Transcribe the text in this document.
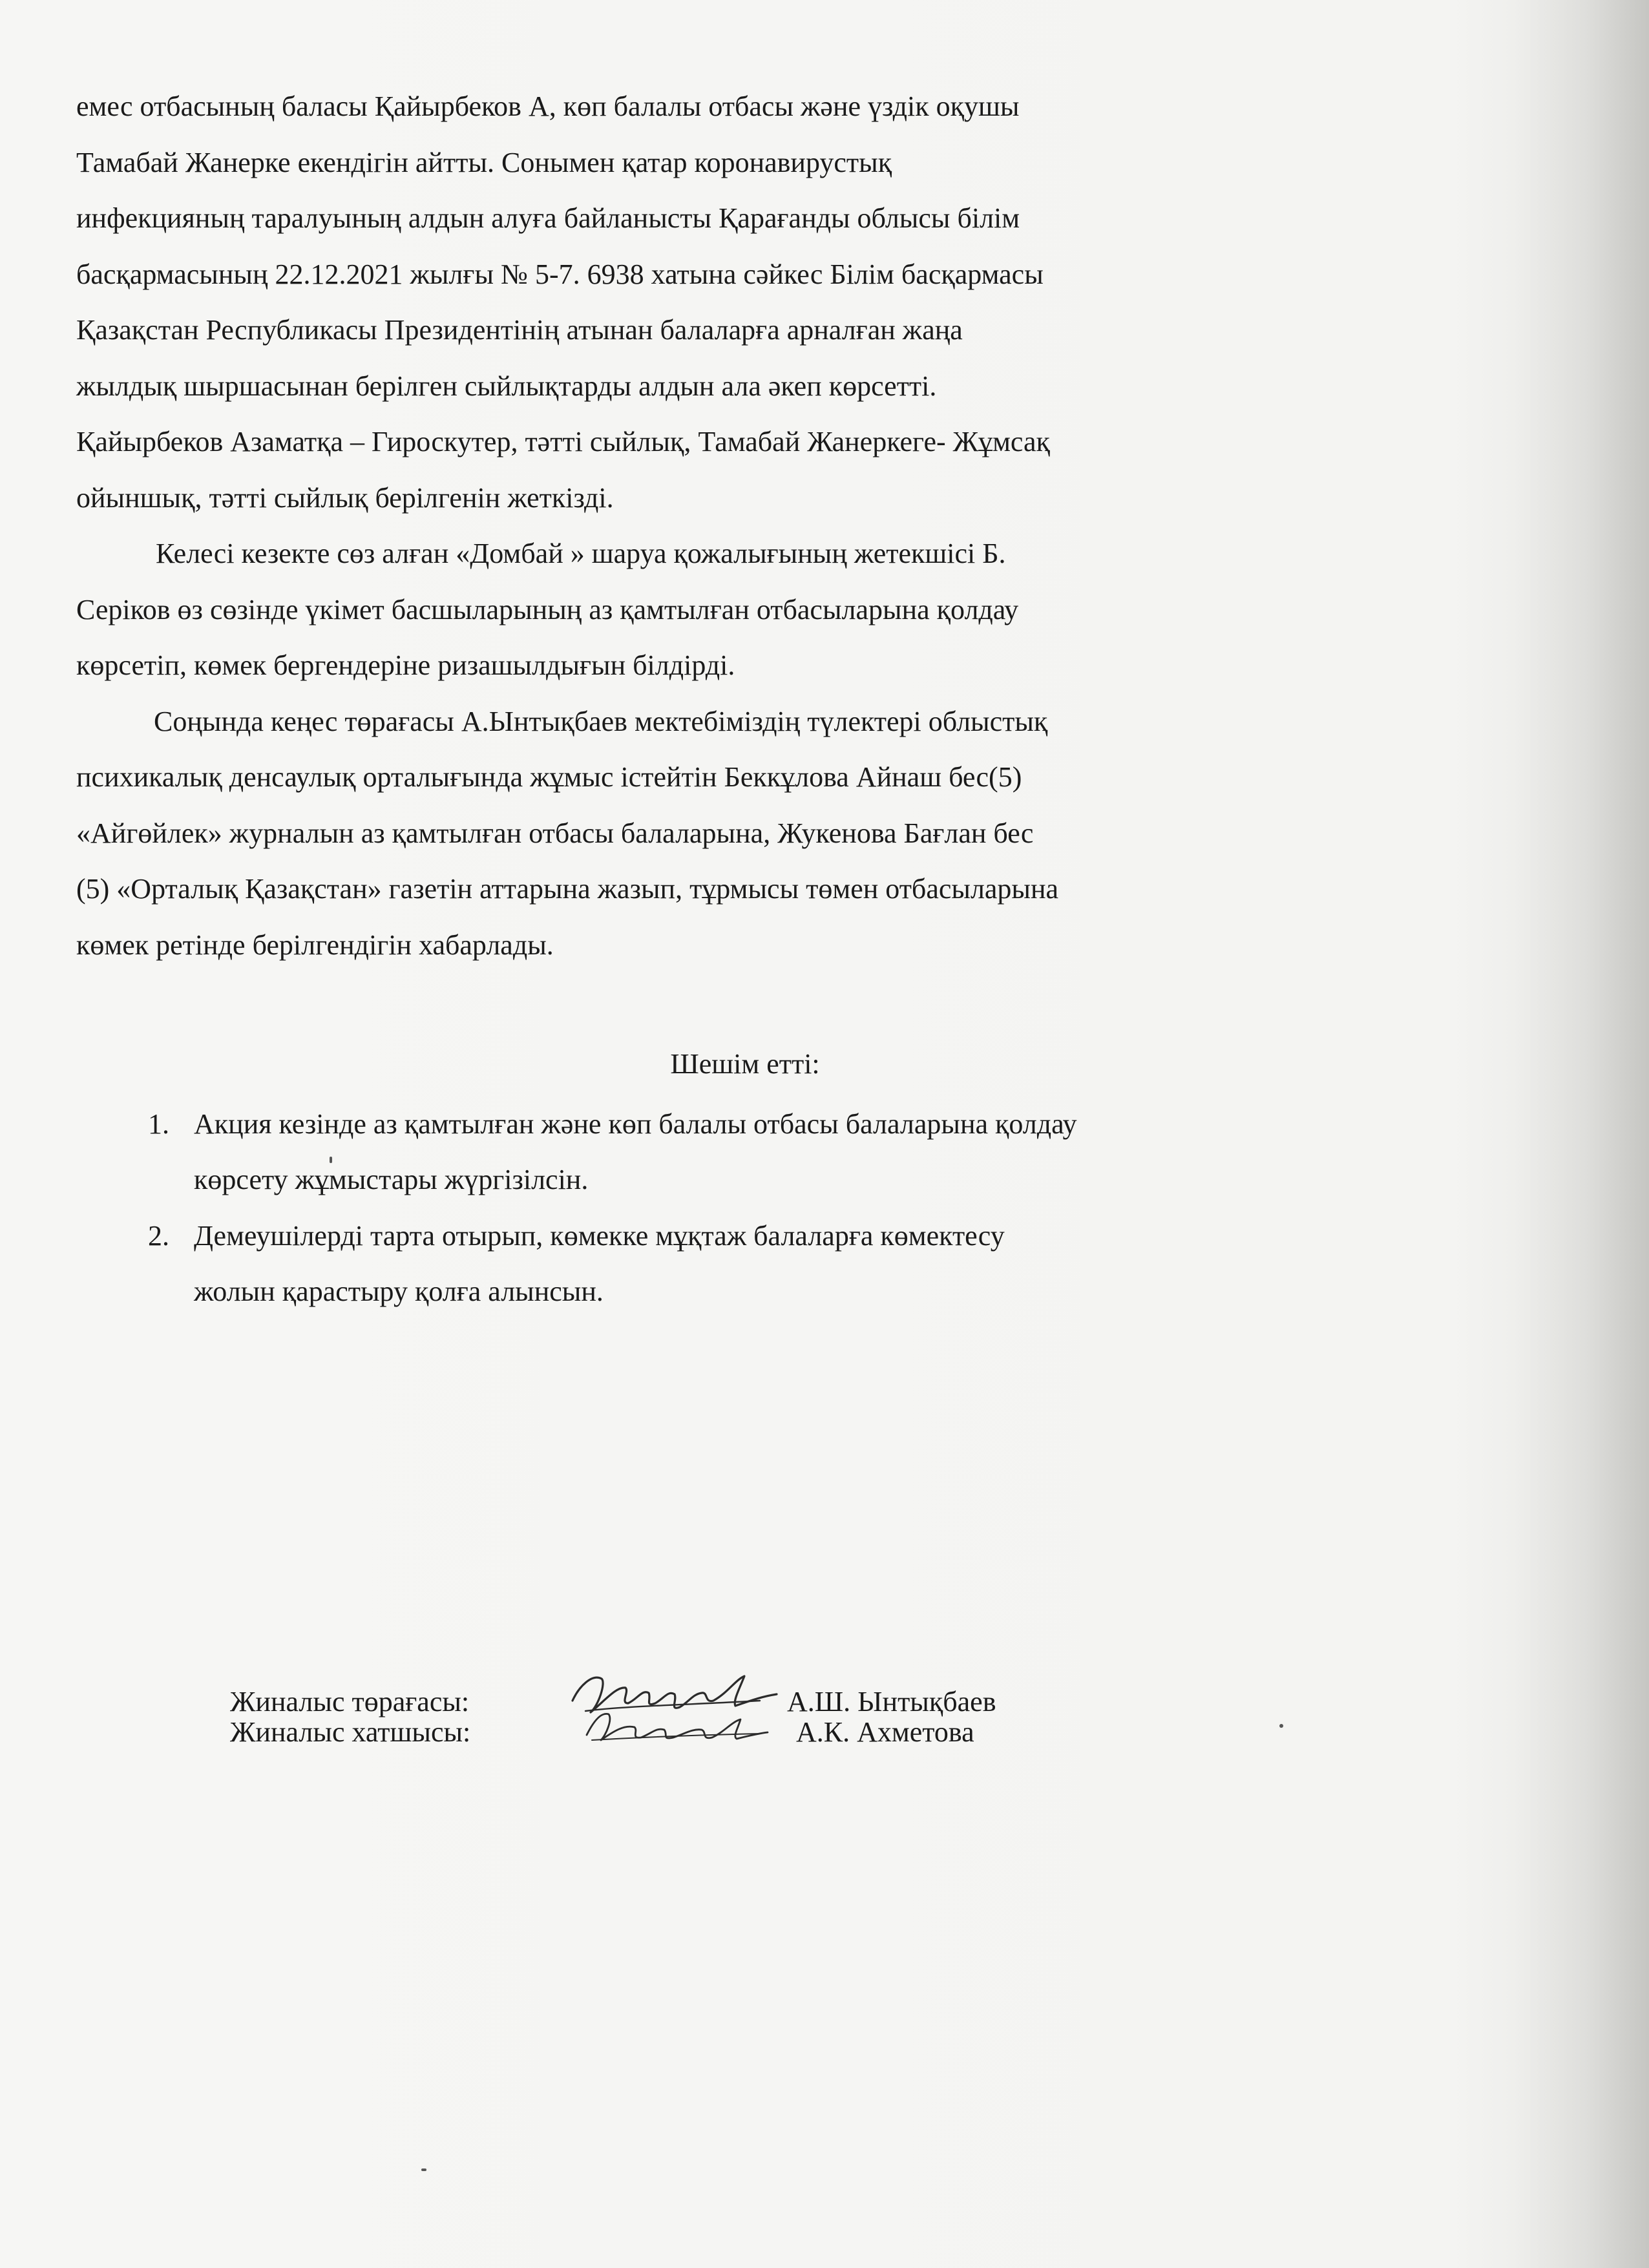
емес отбасының баласы Қайырбеков А, көп балалы отбасы және үздік оқушы
Тамабай Жанерке екендігін айтты. Сонымен қатар коронавирустық
инфекцияның таралуының алдын алуға байланысты Қарағанды облысы білім
басқармасының 22.12.2021 жылғы № 5-7. 6938 хатына сәйкес Білім басқармасы
Қазақстан Республикасы Президентінің атынан балаларға арналған жаңа
жылдық шыршасынан берілген сыйлықтарды алдын ала әкеп көрсетті.
Қайырбеков Азаматқа – Гироскутер, тәтті сыйлық, Тамабай Жанеркеге- Жұмсақ
ойыншық, тәтті сыйлық берілгенін жеткізді.
Келесі кезекте сөз алған «Домбай » шаруа қожалығының жетекшісі Б.
Серіков өз сөзінде үкімет басшыларының аз қамтылған отбасыларына қолдау
көрсетіп, көмек бергендеріне ризашылдығын білдірді.
Соңында кеңес төрағасы А.Ынтықбаев мектебіміздің түлектері облыстық
психикалық денсаулық орталығында жұмыс істейтін Беккұлова Айнаш бес(5)
«Айгөйлек» журналын аз қамтылған отбасы балаларына, Жукенова Бағлан бес
(5) «Орталық Қазақстан» газетін аттарына жазып, тұрмысы төмен отбасыларына
көмек ретінде берілгендігін хабарлады.
Шешім етті:
1. Акция кезінде аз қамтылған және көп балалы отбасы балаларына қолдау
көрсету жұмыстары жүргізілсін.
2. Демеушілерді тарта отырып, көмекке мұқтаж балаларға көмектесу
жолын қарастыру қолға алынсын.
Жиналыс төрағасы:	А.Ш. Ынтықбаев
Жиналыс хатшысы:	А.К. Ахметова
